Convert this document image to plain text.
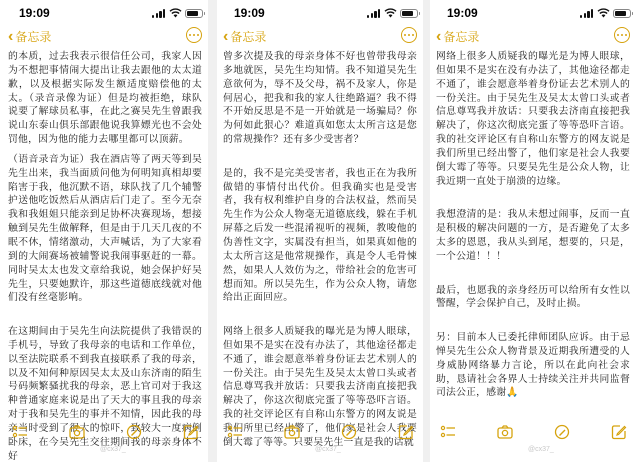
19:09
‹ 备忘录

的本质，过去我表示很信任公司，我家人因为不想把事情闹大提出让我去跟他的太太道歉，以及根据实际发生额适度赔偿他的太太。（录音录像为证）但是均被拒绝，球队说要了解球员私事，在此之赛吴先生曾跟我说山东泰山俱乐部跟他说我算嫖光也不会处罚他，因为他的能力去哪里都可以顶薪。

（语音录音为证）我在酒店等了两天等到吴先生出来，我当面质问他为何明知真相却要陷害于我，他沉默不语，球队找了几个辅警护送他吃饭然后从酒店后门走了。至今无奈我和我姐姐只能亲到足协杯决赛现场，想接触到吴先生做解释，但是由于几天几夜的不眠不休，情绪激动，大声喊话，为了大家看到的大闹赛场被辅警说我闹事驱赶的一幕。同时吴太太也发文章给我说，她会保护好吴先生，只要她默许，那这些道德底线就对他们没有丝毫影响。

在这期间由于吴先生向法院提供了我错误的手机号，导致了我母亲的电话和工作单位，以至法院联系不到我直接联系了我的母亲，以及不知何种原因吴太太及山东济南的陌生号码频繁骚扰我的母亲，恶上官司对于我这种普通家庭来说是出了天大的事且我的母亲对于我和吴先生的事并不知情，因此我的母亲当时受到了很大的惊吓，致较大一度病倒卧床，在今吴先生交往期间我的母亲身体不好

@cx37_
19:09
‹ 备忘录

曾多次提及我的母亲身体不好也曾带我母亲多地就医，吴先生均知情。我不知道吴先生意欲何为，辱不及父母，祸不及家人，你是何居心，把我和我的家人往绝路逼？我不得不开始反思是不是一开始就是一场骗局？你为何如此狠心？难道真如您太太所言这是您的常规操作？还有多少受害者？

是的，我不是完美受害者，我也正在为我所做错的事情付出代价。但我确实也是受害者，我有权利维护自身的合法权益，然而吴先生作为公众人物毫无道德底线，躲在手机屏幕之后发一些混淆视听的视频，教唆他的伪善性文字，实属没有担当，如果真如他的太太所言这是他常规操作，真是令人毛骨悚然，如果人人效仿为之，带给社会的危害可想而知。所以吴先生，作为公众人物，请您给出正面回应。

网络上很多人质疑我的曝光是为博人眼球，但如果不是实在没有办法了，其他途径都走不通了，谁会愿意举着身份证去艺术别人的一份关注。由于吴先生及吴太太曾口头或者信息尊骂我并放话：只要我去济南直接把我解决了，你这次彻底完蛋了等等恐吓言语。我的社交评论区有自称山东警方的网友说是我们所里已经出警了，他们家是社会人我要倒大霉了等等。只要吴先生一直是我的话就

@cx37_
19:09
‹ 备忘录

网络上很多人质疑我的曝光是为博人眼球，但如果不是实在没有办法了，其他途径都走不通了，谁会愿意举着身份证去艺术别人的一份关注。由于吴先生及吴太太曾口头或者信息尊骂我并放话：只要我去济南直接把我解决了，你这次彻底完蛋了等等恐吓言语。我的社交评论区有自称山东警方的网友说是我们所里已经出警了，他们家是社会人我要倒大霉了等等。只要吴先生是公众人物，让我近期一直处于崩溃的边缘。

我想澄清的是：我从未想过闹事，反而一直是积极的解决问题的一方，是否避免了太多太多的恩恩，我从头到尾，想要的，只是，一个公道！！！

最后，也愿我的亲身经历可以给所有女性以警醒，学会保护自己，及时止损。

另：目前本人已委托律师团队应诉。由于忌惮吴先生公众人物背景及近期我所遭受的人身威胁网络暴力言论，所以在此向社会求助，恳请社会各界人士持续关注并共同监督司法公正，感谢🙏

@cx37_
